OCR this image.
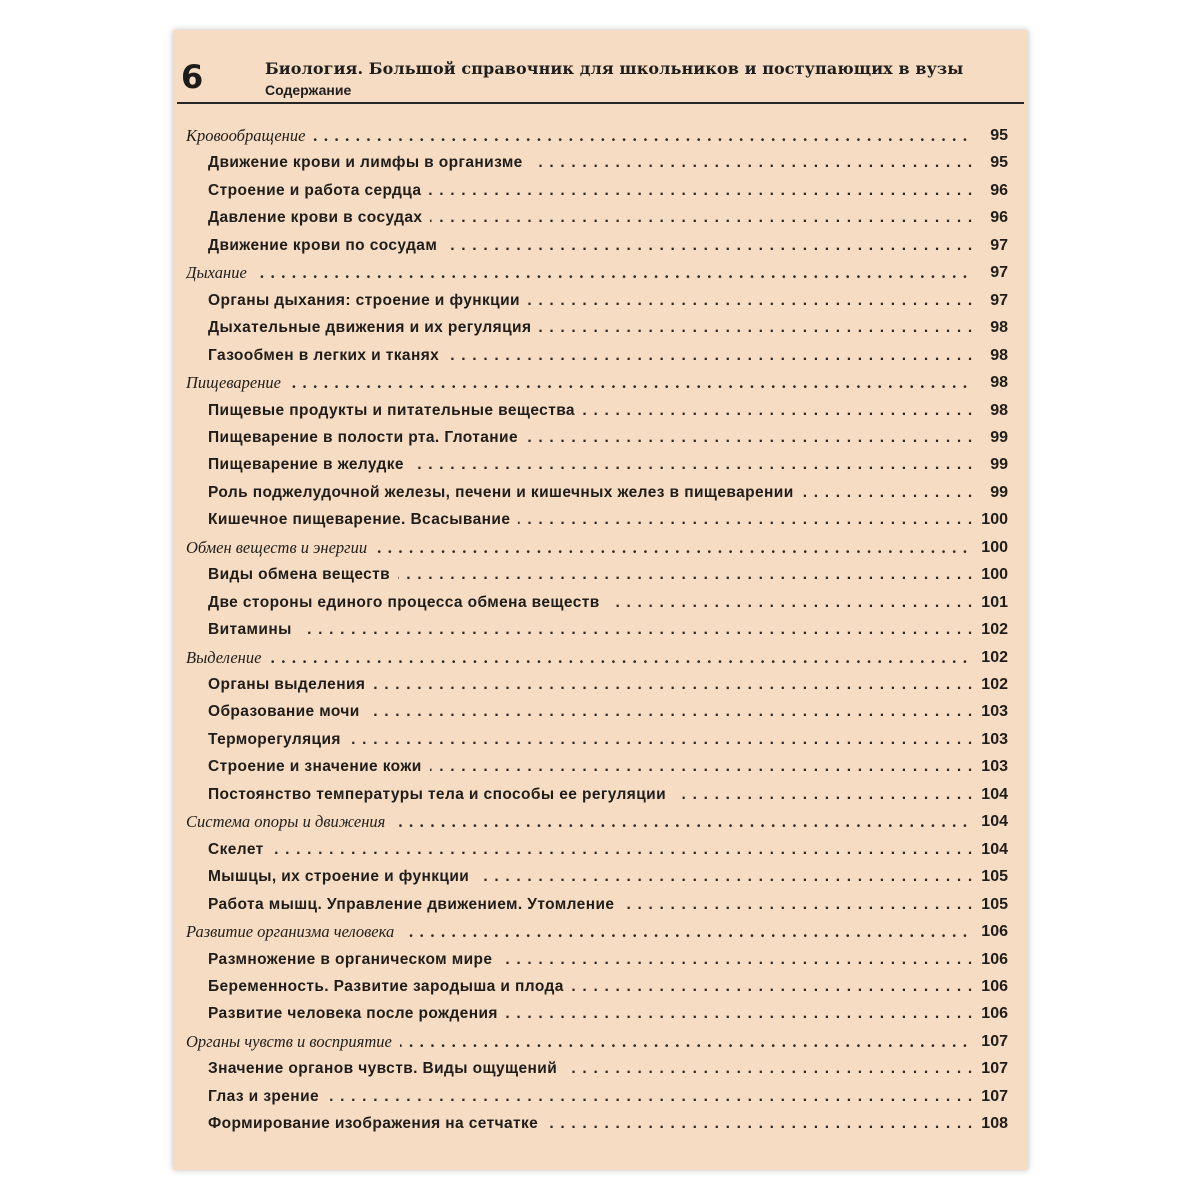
6	Биология. Большой справочник для школьников и поступающих в вузы
Содержание
Кровообращение . . .	95
Движение крови и лимфы в организме . . .	95
Строение и работа сердца . . .	96
Давление крови в сосудах . . .	96
Движение крови по сосудам . . .	97
Дыхание . . .	97
Органы дыхания: строение и функции . . .	97
Дыхательные движения и их регуляция . . .	98
Газообмен в легких и тканях . . .	98
Пищеварение . . .	98
Пищевые продукты и питательные вещества . . .	98
Пищеварение в полости рта. Глотание . . .	99
Пищеварение в желудке . . .	99
Роль поджелудочной железы, печени и кишечных желез в пищеварении . . .	99
Кишечное пищеварение. Всасывание . . .	100
Обмен веществ и энергии . . .	100
Виды обмена веществ . . .	100
Две стороны единого процесса обмена веществ . . .	101
Витамины . . .	102
Выделение . . .	102
Органы выделения . . .	102
Образование мочи . . .	103
Терморегуляция . . .	103
Строение и значение кожи . . .	103
Постоянство температуры тела и способы ее регуляции . . .	104
Система опоры и движения . . .	104
Скелет . . .	104
Мышцы, их строение и функции . . .	105
Работа мышц. Управление движением. Утомление . . .	105
Развитие организма человека . . .	106
Размножение в органическом мире . . .	106
Беременность. Развитие зародыша и плода . . .	106
Развитие человека после рождения . . .	106
Органы чувств и восприятие . . .	107
Значение органов чувств. Виды ощущений . . .	107
Глаз и зрение . . .	107
Формирование изображения на сетчатке . . .	108
